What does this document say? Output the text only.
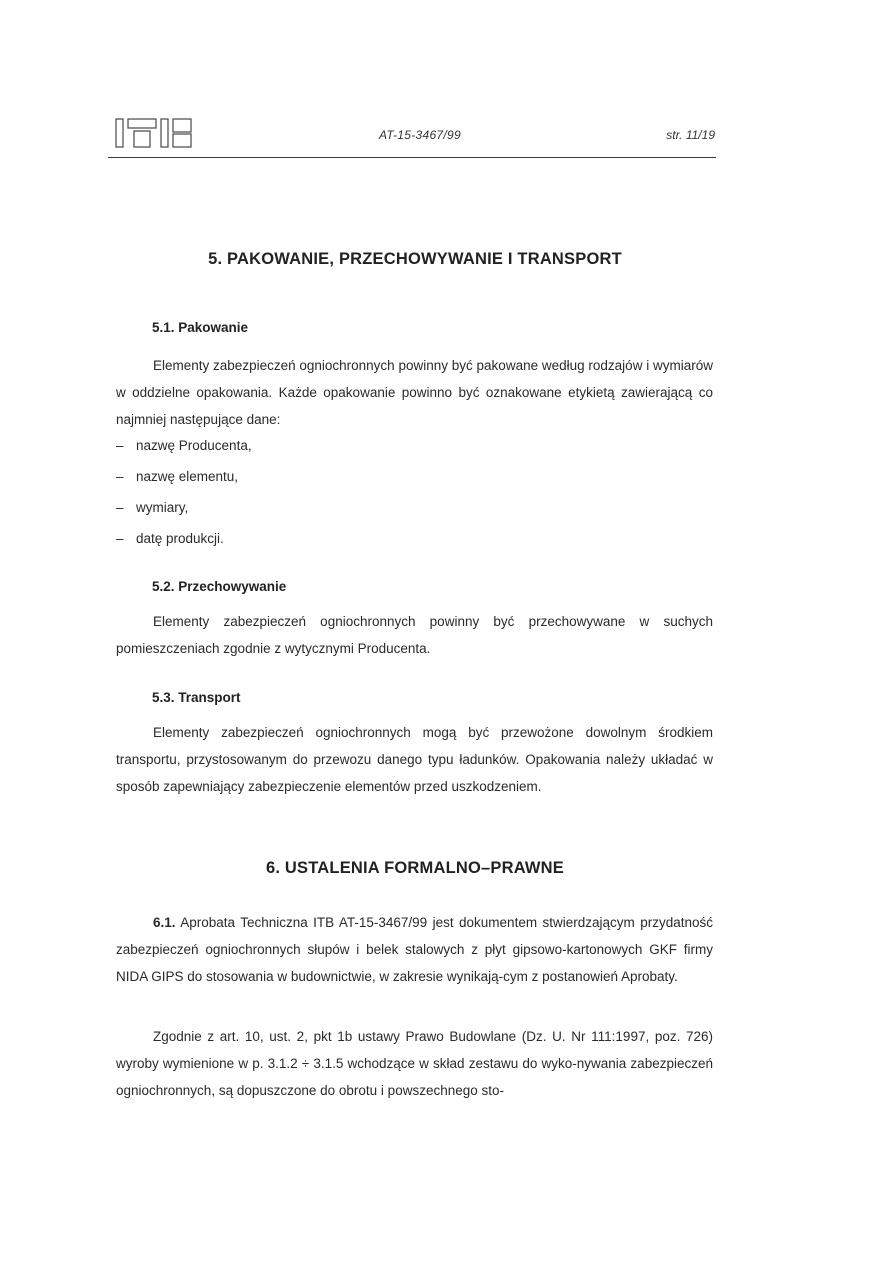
ITB
AT-15-3467/99	str. 11/19
5. PAKOWANIE, PRZECHOWYWANIE I TRANSPORT
5.1. Pakowanie
Elementy zabezpieczeń ogniochronnych powinny być pakowane według rodzajów i wymiarów w oddzielne opakowania. Każde opakowanie powinno być oznakowane etykietą zawierającą co najmniej następujące dane:
– nazwę Producenta,
– nazwę elementu,
– wymiary,
– datę produkcji.
5.2. Przechowywanie
Elementy zabezpieczeń ogniochronnych powinny być przechowywane w suchych pomieszczeniach zgodnie z wytycznymi Producenta.
5.3. Transport
Elementy zabezpieczeń ogniochronnych mogą być przewożone dowolnym środkiem transportu, przystosowanym do przewozu danego typu ładunków. Opakowania należy układać w sposób zapewniający zabezpieczenie elementów przed uszkodzeniem.
6. USTALENIA FORMALNO–PRAWNE
6.1. Aprobata Techniczna ITB AT-15-3467/99 jest dokumentem stwierdzającym przydatność zabezpieczeń ogniochronnych słupów i belek stalowych z płyt gipsowo-kartonowych GKF firmy NIDA GIPS do stosowania w budownictwie, w zakresie wynikają-cym z postanowień Aprobaty.
Zgodnie z art. 10, ust. 2, pkt 1b ustawy Prawo Budowlane (Dz. U. Nr 111:1997, poz. 726) wyroby wymienione w p. 3.1.2 ÷ 3.1.5 wchodzące w skład zestawu do wyko-nywania zabezpieczeń ogniochronnych, są dopuszczone do obrotu i powszechnego sto-
